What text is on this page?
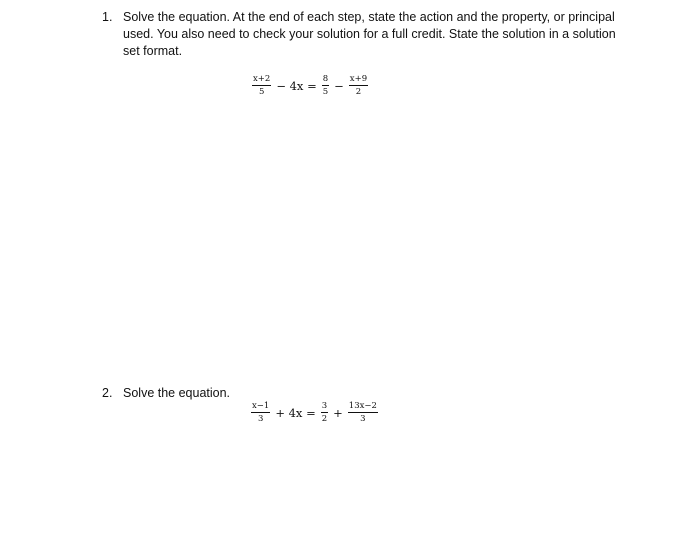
1. Solve the equation. At the end of each step, state the action and the property, or principal used. You also need to check your solution for a full credit. State the solution in a solution set format.
$\frac{x+2}{5} - 4x = \frac{8}{5} - \frac{x+9}{2}$
2. Solve the equation.
$\frac{x-1}{3} + 4x = \frac{3}{2} + \frac{13x-2}{3}$
